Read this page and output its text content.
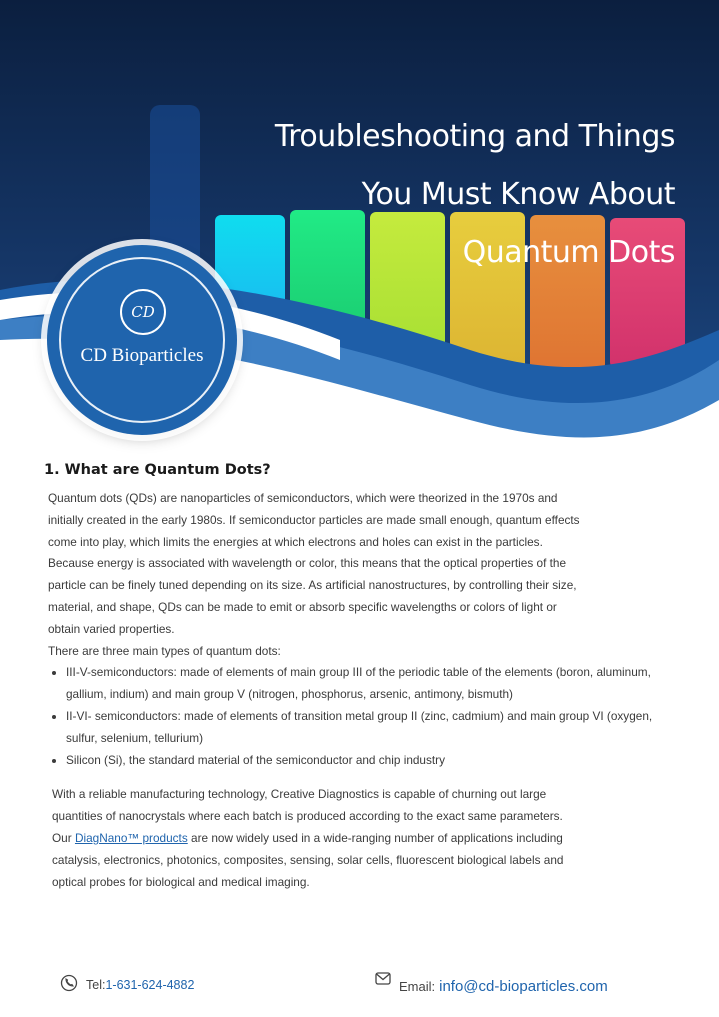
Troubleshooting and Things
You Must Know About
Quantum Dots
CD
CD Bioparticles
1. What are Quantum Dots?

Quantum dots (QDs) are nanoparticles of semiconductors, which were theorized in the 1970s and

initially created in the early 1980s. If semiconductor particles are made small enough, quantum effects

come into play, which limits the energies at which electrons and holes can exist in the particles.

Because energy is associated with wavelength or color, this means that the optical properties of the

particle can be finely tuned depending on its size. As artificial nanostructures, by controlling their size,

material, and shape, QDs can be made to emit or absorb specific wavelengths or colors of light or

obtain varied properties.

There are three main types of quantum dots:

• III-V-semiconductors: made of elements of main group III of the periodic table of the elements (boron, aluminum, gallium, indium) and main group V (nitrogen, phosphorus, arsenic, antimony, bismuth)
• II-VI- semiconductors: made of elements of transition metal group II (zinc, cadmium) and main group VI (oxygen, sulfur, selenium, tellurium)
• Silicon (Si), the standard material of the semiconductor and chip industry

With a reliable manufacturing technology, Creative Diagnostics is capable of churning out large

quantities of nanocrystals where each batch is produced according to the exact same parameters.

Our DiagNano™ products are now widely used in a wide-ranging number of applications including

catalysis, electronics, photonics, composites, sensing, solar cells, fluorescent biological labels and

optical probes for biological and medical imaging.

Tel: 1-631-624-4882	Email: info@cd-bioparticles.com
